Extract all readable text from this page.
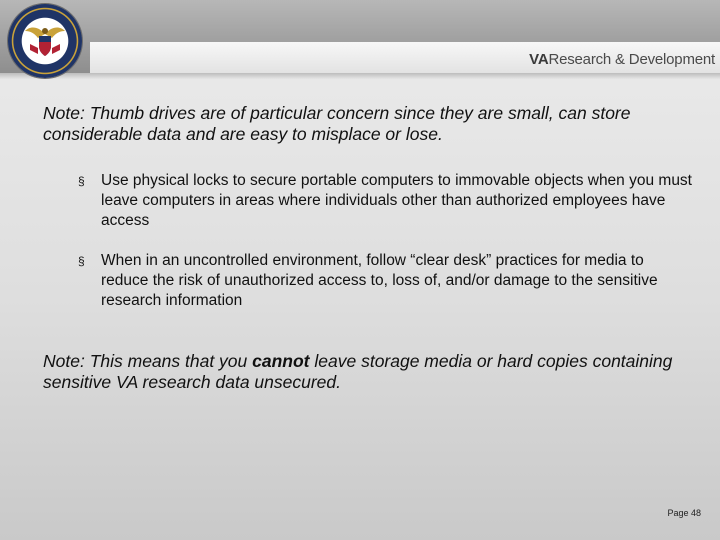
VAResearch & Development

Note: Thumb drives are of particular concern since they are small, can store considerable data and are easy to misplace or lose.

§ Use physical locks to secure portable computers to immovable objects when you must leave computers in areas where individuals other than authorized employees have access
§ When in an uncontrolled environment, follow “clear desk” practices for media to reduce the risk of unauthorized access to, loss of, and/or damage to the sensitive research information

Note: This means that you cannot leave storage media or hard copies containing sensitive VA research data unsecured.

Page 48
